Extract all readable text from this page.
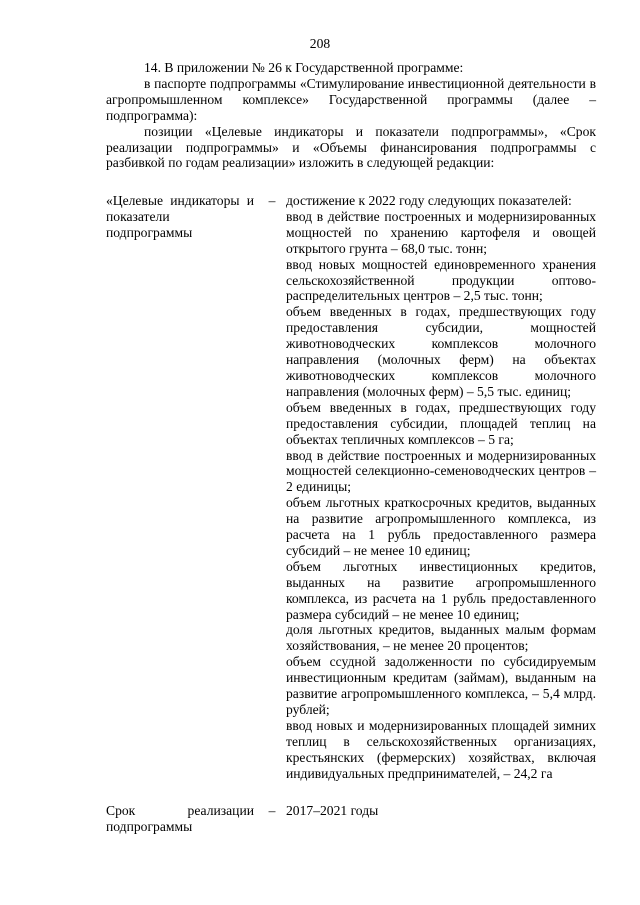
208

14. В приложении № 26 к Государственной программе:

в паспорте подпрограммы «Стимулирование инвестиционной деятельности в агропромышленном комплексе» Государственной программы (далее – подпрограмма):

позиции «Целевые индикаторы и показатели подпрограммы», «Срок реализации подпрограммы» и «Объемы финансирования подпрограммы с разбивкой по годам реализации» изложить в следующей редакции:

«Целевые индикаторы и показатели подпрограммы
– достижение к 2022 году следующих показателей:

ввод в действие построенных и модернизированных мощностей по хранению картофеля и овощей открытого грунта – 68,0 тыс. тонн;

ввод новых мощностей единовременного хранения сельскохозяйственной продукции оптово-распределительных центров – 2,5 тыс. тонн;

объем введенных в годах, предшествующих году предоставления субсидии, мощностей животноводческих комплексов молочного направления (молочных ферм) на объектах животноводческих комплексов молочного направления (молочных ферм) – 5,5 тыс. единиц;

объем введенных в годах, предшествующих году предоставления субсидии, площадей теплиц на объектах тепличных комплексов – 5 га;

ввод в действие построенных и модернизированных мощностей селекционно-семеноводческих центров – 2 единицы;

объем льготных краткосрочных кредитов, выданных на развитие агропромышленного комплекса, из расчета на 1 рубль предоставленного размера субсидий – не менее 10 единиц;

объем льготных инвестиционных кредитов, выданных на развитие агропромышленного комплекса, из расчета на 1 рубль предоставленного размера субсидий – не менее 10 единиц;

доля льготных кредитов, выданных малым формам хозяйствования, – не менее 20 процентов;

объем ссудной задолженности по субсидируемым инвестиционным кредитам (займам), выданным на развитие агропромышленного комплекса, – 5,4 млрд. рублей;

ввод новых и модернизированных площадей зимних теплиц в сельскохозяйственных организациях, крестьянских (фермерских) хозяйствах, включая индивидуальных предпринимателей, – 24,2 га

Срок реализации подпрограммы
– 2017–2021 годы
